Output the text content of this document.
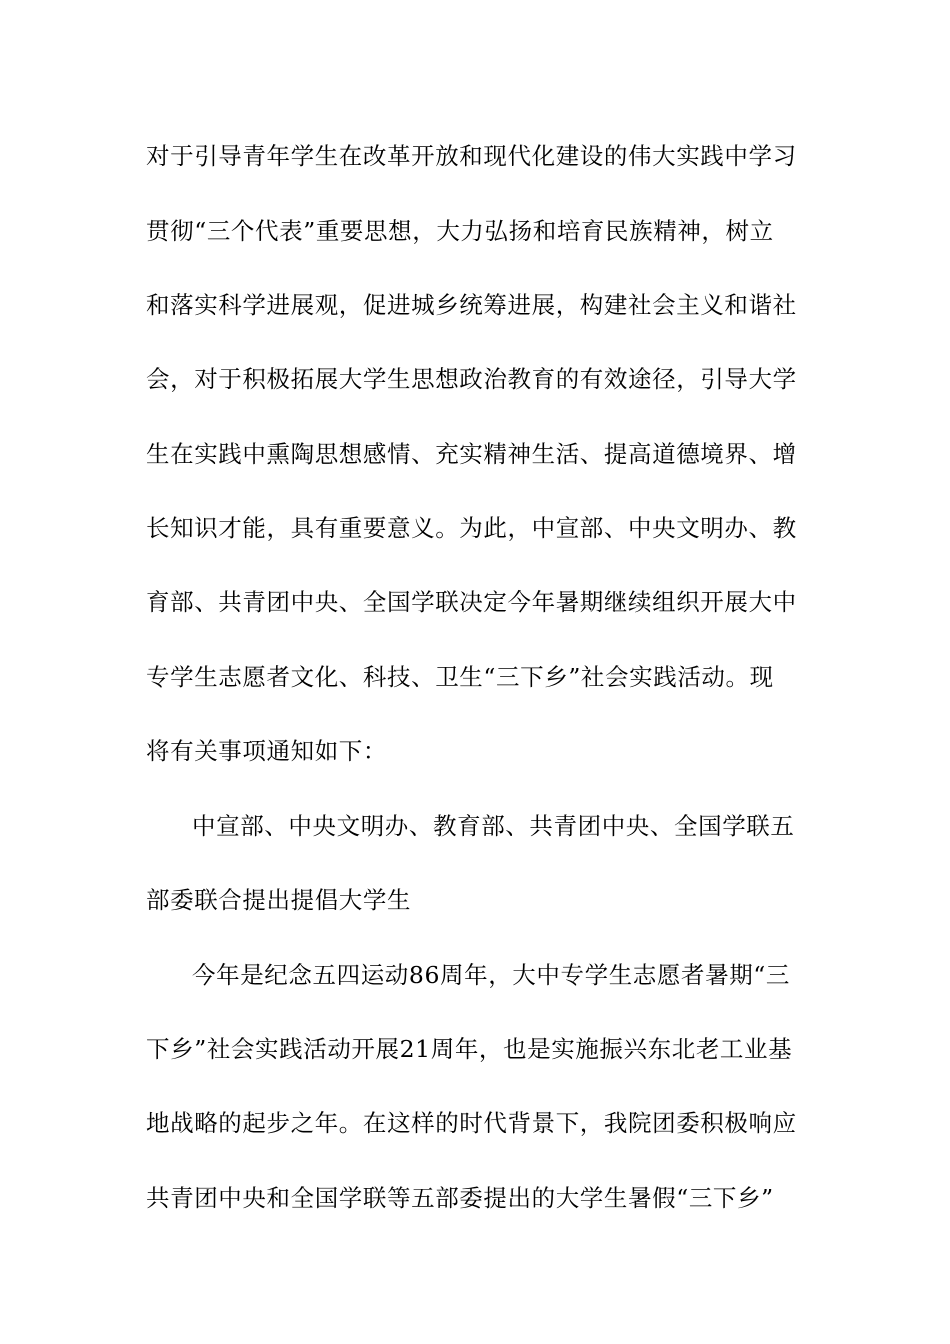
对于引导青年学生在改革开放和现代化建设的伟大实践中学习
贯彻“三个代表”重要思想，大力弘扬和培育民族精神，树立
和落实科学进展观，促进城乡统筹进展，构建社会主义和谐社
会，对于积极拓展大学生思想政治教育的有效途径，引导大学
生在实践中熏陶思想感情、充实精神生活、提高道德境界、增
长知识才能，具有重要意义。为此，中宣部、中央文明办、教
育部、共青团中央、全国学联决定今年暑期继续组织开展大中
专学生志愿者文化、科技、卫生“三下乡”社会实践活动。现
将有关事项通知如下：
中宣部、中央文明办、教育部、共青团中央、全国学联五
部委联合提出提倡大学生
今年是纪念五四运动86周年，大中专学生志愿者暑期“三
下乡”社会实践活动开展21周年，也是实施振兴东北老工业基
地战略的起步之年。在这样的时代背景下，我院团委积极响应
共青团中央和全国学联等五部委提出的大学生暑假“三下乡”
